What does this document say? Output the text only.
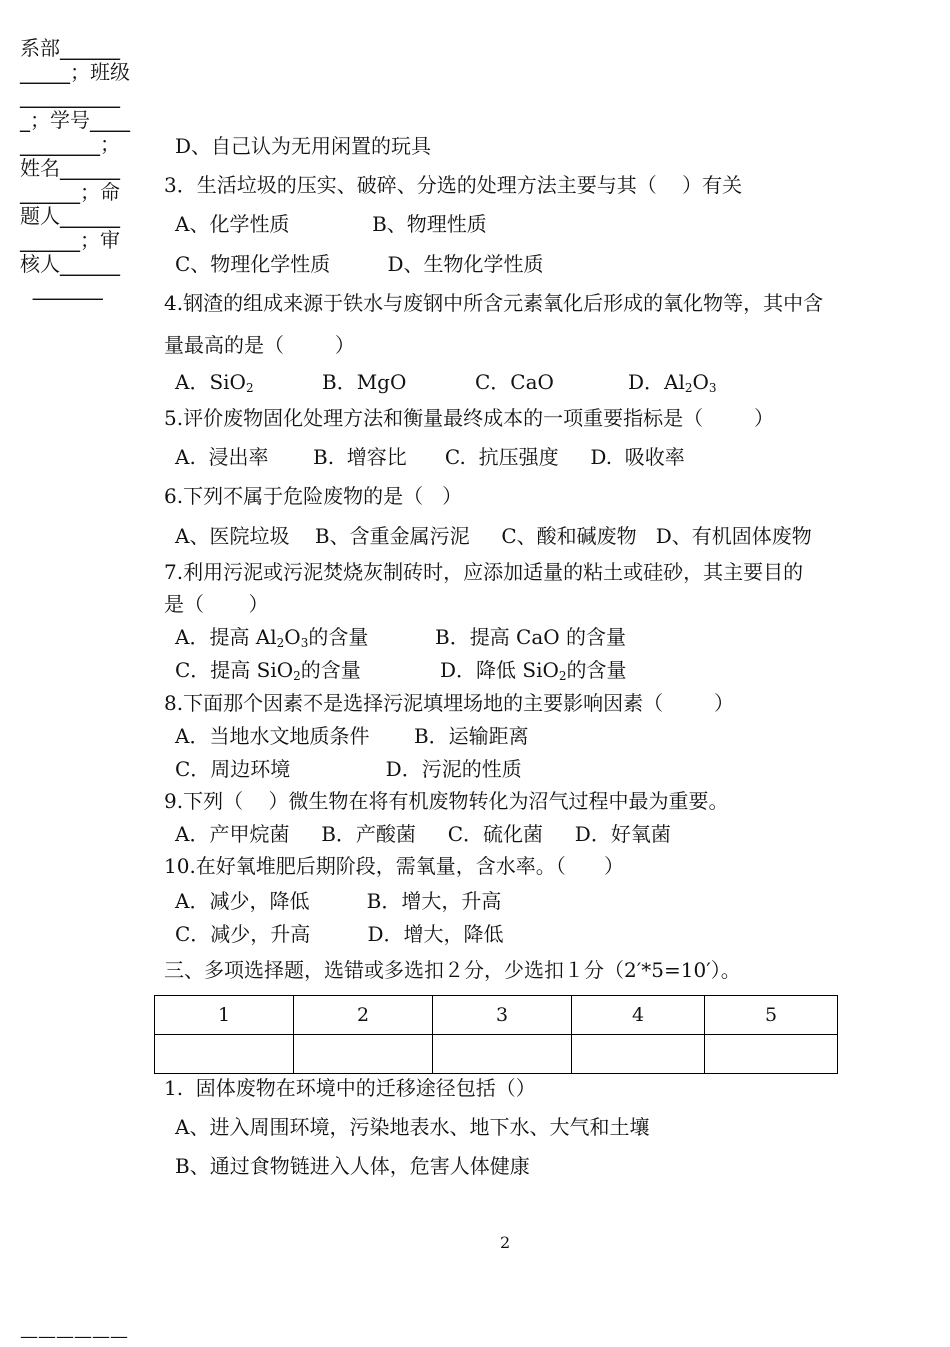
系部______
_____；班级
__________
_；学号____
________；
姓名______
______；命
题人______
______；审
核人______
_______
D、自己认为无用闲置的玩具
3．生活垃圾的压实、破碎、分选的处理方法主要与其（    ）有关
A、化学性质             B、物理性质
C、物理化学性质         D、生物化学性质
4.钢渣的组成来源于铁水与废钢中所含元素氧化后形成的氧化物等，其中含
量最高的是（        ）
A．SiO$_2$	B．MgO	C．CaO	D．$Al_2O_3$
5.评价废物固化处理方法和衡量最终成本的一项重要指标是（        ）
A.  浸出率       B.  增容比      C.  抗压强度     D.  吸收率
6.下列不属于危险废物的是（   ）
A、医院垃圾    B、含重金属污泥     C、酸和碱废物   D、有机固体废物
7.利用污泥或污泥焚烧灰制砖时，应添加适量的粘土或硅砂，其主要目的
是（       ）
A．提高 $Al_2O_3$的含量	B．提高 CaO 的含量
C．提高 SiO$_2$的含量	D．降低 SiO$_2$的含量
8.下面那个因素不是选择污泥填埋场地的主要影响因素（        ）
A．当地水文地质条件       B．运输距离
C．周边环境               D．污泥的性质
9.下列（    ）微生物在将有机废物转化为沼气过程中最为重要。
A．产甲烷菌     B．产酸菌     C．硫化菌     D．好氧菌
10.在好氧堆肥后期阶段，需氧量，含水率。（      ）
A．减少，降低         B．增大，升高
C．减少，升高         D．增大，降低
三、多项选择题，选错或多选扣２分，少选扣１分（2′*5=10′）。
1	2	3	4	5

1.  固体废物在环境中的迁移途径包括（）
A、进入周围环境，污染地表水、地下水、大气和土壤
B、通过食物链进入人体，危害人体健康
2
——————
